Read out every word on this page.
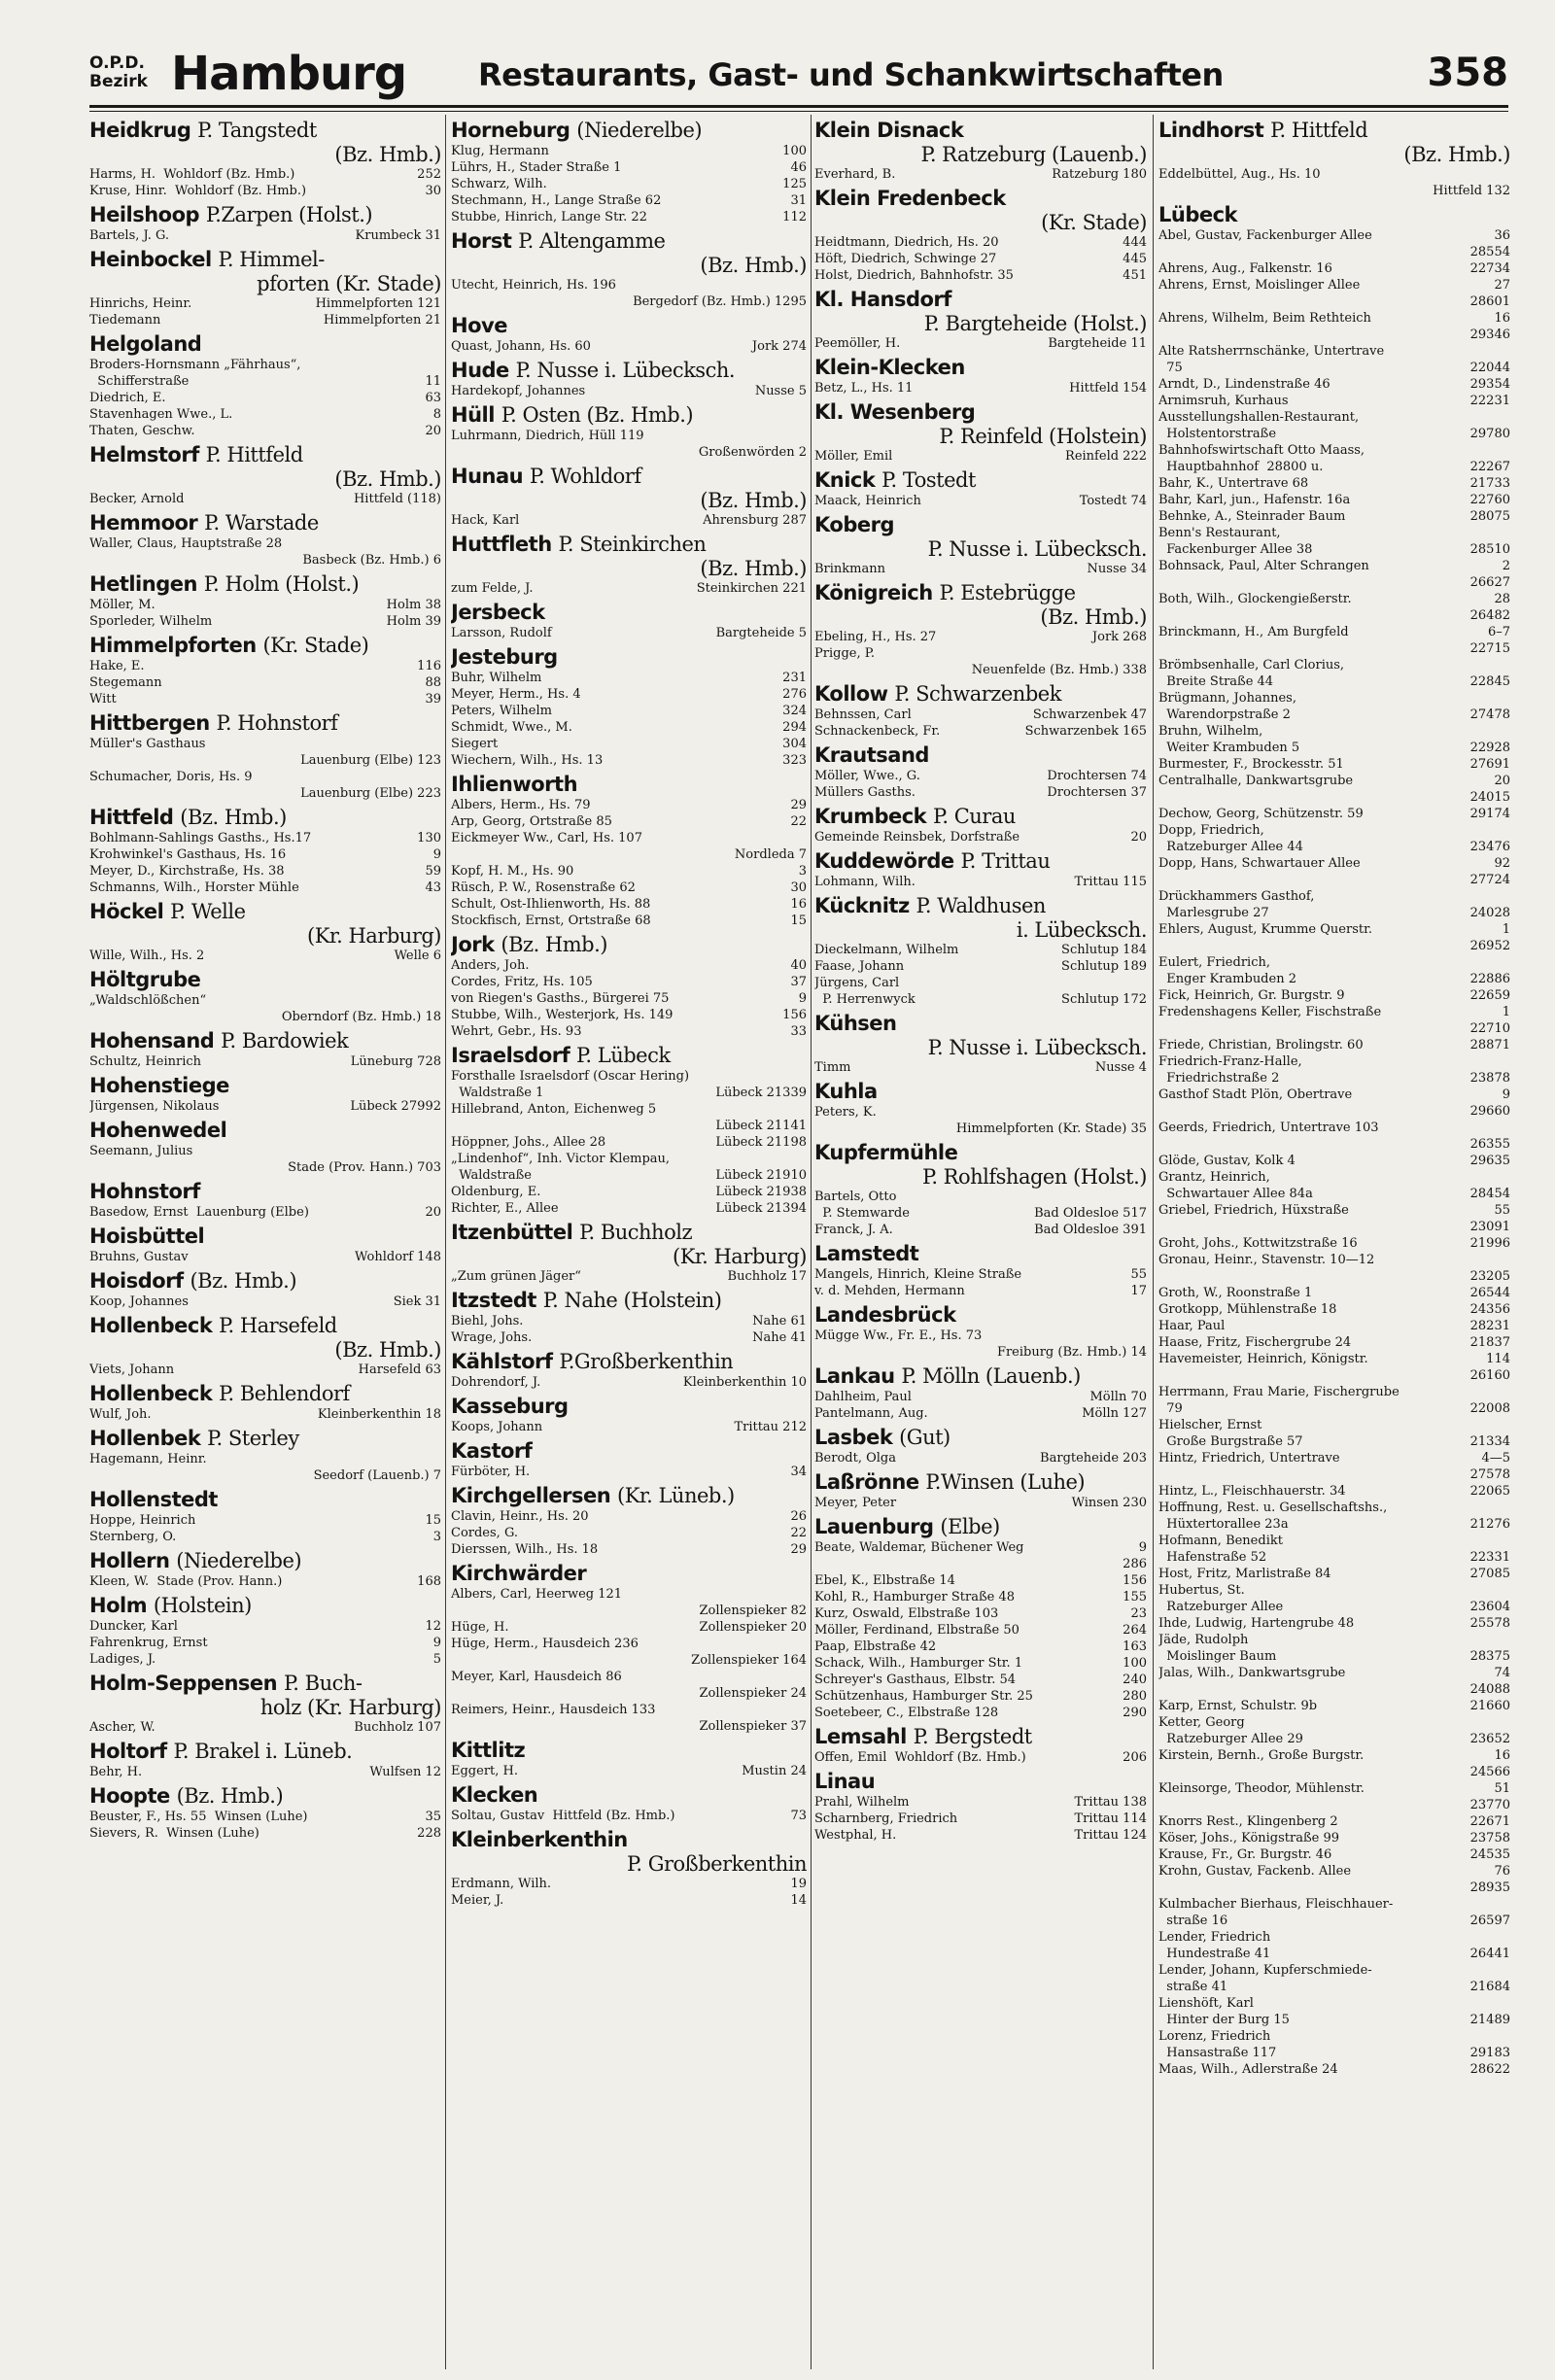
O.P.D.
Bezirk Hamburg Restaurants, Gast- und Schankwirtschaften	358
Heidkrug P. Tangstedt
(Bz. Hmb.)
Harms, H.  Wohldorf (Bz. Hmb.)	252
Kruse, Hinr.  Wohldorf (Bz. Hmb.)	30
Heilshoop P.Zarpen (Holst.)
Bartels, J. G.	Krumbeck 31
Heinbockel P. Himmel-
pforten (Kr. Stade)
Hinrichs, Heinr.	Himmelpforten 121
Tiedemann	Himmelpforten 21
Helgoland
Broders-Hornsmann „Fährhaus“,
Schifferstraße	11
Diedrich, E.	63
Stavenhagen Wwe., L.	8
Thaten, Geschw.	20
Helmstorf P. Hittfeld
(Bz. Hmb.)
Becker, Arnold	Hittfeld (118)
Hemmoor P. Warstade
Waller, Claus, Hauptstraße 28
Basbeck (Bz. Hmb.) 6
Hetlingen P. Holm (Holst.)
Möller, M.	Holm 38
Sporleder, Wilhelm	Holm 39
Himmelpforten (Kr. Stade)
Hake, E.	116
Stegemann	88
Witt	39
Hittbergen P. Hohnstorf
Müller's Gasthaus
Lauenburg (Elbe) 123
Schumacher, Doris, Hs. 9
Lauenburg (Elbe) 223
Hittfeld (Bz. Hmb.)
Bohlmann-Sahlings Gasths., Hs.17	130
Krohwinkel's Gasthaus, Hs. 16	9
Meyer, D., Kirchstraße, Hs. 38	59
Schmanns, Wilh., Horster Mühle	43
Höckel P. Welle
(Kr. Harburg)
Wille, Wilh., Hs. 2	Welle 6
Höltgrube
„Waldschlößchen“
Oberndorf (Bz. Hmb.) 18
Hohensand P. Bardowiek
Schultz, Heinrich	Lüneburg 728
Hohenstiege
Jürgensen, Nikolaus	Lübeck 27992
Hohenwedel
Seemann, Julius
Stade (Prov. Hann.) 703
Hohnstorf
Basedow, Ernst  Lauenburg (Elbe)	20
Hoisbüttel
Bruhns, Gustav	Wohldorf 148
Hoisdorf (Bz. Hmb.)
Koop, Johannes	Siek 31
Hollenbeck P. Harsefeld
(Bz. Hmb.)
Viets, Johann	Harsefeld 63
Hollenbeck P. Behlendorf
Wulf, Joh.	Kleinberkenthin 18
Hollenbek P. Sterley
Hagemann, Heinr.
Seedorf (Lauenb.) 7
Hollenstedt
Hoppe, Heinrich	15
Sternberg, O.	3
Hollern (Niederelbe)
Kleen, W.  Stade (Prov. Hann.)	168
Holm (Holstein)
Duncker, Karl	12
Fahrenkrug, Ernst	9
Ladiges, J.	5
Holm-Seppensen P. Buch-
holz (Kr. Harburg)
Ascher, W.	Buchholz 107
Holtorf P. Brakel i. Lüneb.
Behr, H.	Wulfsen 12
Hoopte (Bz. Hmb.)
Beuster, F., Hs. 55  Winsen (Luhe)	35
Sievers, R.  Winsen (Luhe)	228
Horneburg (Niederelbe)
Klug, Hermann	100
Lührs, H., Stader Straße 1	46
Schwarz, Wilh.	125
Stechmann, H., Lange Straße 62	31
Stubbe, Hinrich, Lange Str. 22	112
Horst P. Altengamme
(Bz. Hmb.)
Utecht, Heinrich, Hs. 196
Bergedorf (Bz. Hmb.) 1295
Hove
Quast, Johann, Hs. 60	Jork 274
Hude P. Nusse i. Lübecksch.
Hardekopf, Johannes	Nusse 5
Hüll P. Osten (Bz. Hmb.)
Luhrmann, Diedrich, Hüll 119
Großenwörden 2
Hunau P. Wohldorf
(Bz. Hmb.)
Hack, Karl	Ahrensburg 287
Huttfleth P. Steinkirchen
(Bz. Hmb.)
zum Felde, J.	Steinkirchen 221
Jersbeck
Larsson, Rudolf	Bargteheide 5
Jesteburg
Buhr, Wilhelm	231
Meyer, Herm., Hs. 4	276
Peters, Wilhelm	324
Schmidt, Wwe., M.	294
Siegert	304
Wiechern, Wilh., Hs. 13	323
Ihlienworth
Albers, Herm., Hs. 79	29
Arp, Georg, Ortstraße 85	22
Eickmeyer Ww., Carl, Hs. 107
Nordleda 7
Kopf, H. M., Hs. 90	3
Rüsch, P. W., Rosenstraße 62	30
Schult, Ost-Ihlienworth, Hs. 88	16
Stockfisch, Ernst, Ortstraße 68	15
Jork (Bz. Hmb.)
Anders, Joh.	40
Cordes, Fritz, Hs. 105	37
von Riegen's Gasths., Bürgerei 75	9
Stubbe, Wilh., Westerjork, Hs. 149	156
Wehrt, Gebr., Hs. 93	33
Israelsdorf P. Lübeck
Forsthalle Israelsdorf (Oscar Hering)
Waldstraße 1	Lübeck 21339
Hillebrand, Anton, Eichenweg 5
Lübeck 21141
Höppner, Johs., Allee 28	Lübeck 21198
„Lindenhof“, Inh. Victor Klempau,
Waldstraße	Lübeck 21910
Oldenburg, E.	Lübeck 21938
Richter, E., Allee	Lübeck 21394
Itzenbüttel P. Buchholz
(Kr. Harburg)
„Zum grünen Jäger“	Buchholz 17
Itzstedt P. Nahe (Holstein)
Biehl, Johs.	Nahe 61
Wrage, Johs.	Nahe 41
Kählstorf P.Großberkenthin
Dohrendorf, J.	Kleinberkenthin 10
Kasseburg
Koops, Johann	Trittau 212
Kastorf
Fürböter, H.	34
Kirchgellersen (Kr. Lüneb.)
Clavin, Heinr., Hs. 20	26
Cordes, G.	22
Dierssen, Wilh., Hs. 18	29
Kirchwärder
Albers, Carl, Heerweg 121
Zollenspieker 82
Hüge, H.	Zollenspieker 20
Hüge, Herm., Hausdeich 236
Zollenspieker 164
Meyer, Karl, Hausdeich 86
Zollenspieker 24
Reimers, Heinr., Hausdeich 133
Zollenspieker 37
Kittlitz
Eggert, H.	Mustin 24
Klecken
Soltau, Gustav  Hittfeld (Bz. Hmb.)	73
Kleinberkenthin
P. Großberkenthin
Erdmann, Wilh.	19
Meier, J.	14
Klein Disnack
P. Ratzeburg (Lauenb.)
Everhard, B.	Ratzeburg 180
Klein Fredenbeck
(Kr. Stade)
Heidtmann, Diedrich, Hs. 20	444
Höft, Diedrich, Schwinge 27	445
Holst, Diedrich, Bahnhofstr. 35	451
Kl. Hansdorf
P. Bargteheide (Holst.)
Peemöller, H.	Bargteheide 11
Klein-Klecken
Betz, L., Hs. 11	Hittfeld 154
Kl. Wesenberg
P. Reinfeld (Holstein)
Möller, Emil	Reinfeld 222
Knick P. Tostedt
Maack, Heinrich	Tostedt 74
Koberg
P. Nusse i. Lübecksch.
Brinkmann	Nusse 34
Königreich P. Estebrügge
(Bz. Hmb.)
Ebeling, H., Hs. 27	Jork 268
Prigge, P.
Neuenfelde (Bz. Hmb.) 338
Kollow P. Schwarzenbek
Behnssen, Carl	Schwarzenbek 47
Schnackenbeck, Fr.	Schwarzenbek 165
Krautsand
Möller, Wwe., G.	Drochtersen 74
Müllers Gasths.	Drochtersen 37
Krumbeck P. Curau
Gemeinde Reinsbek, Dorfstraße	20
Kuddewörde P. Trittau
Lohmann, Wilh.	Trittau 115
Kücknitz P. Waldhusen
i. Lübecksch.
Dieckelmann, Wilhelm	Schlutup 184
Faase, Johann	Schlutup 189
Jürgens, Carl
P. Herrenwyck	Schlutup 172
Kühsen
P. Nusse i. Lübecksch.
Timm	Nusse 4
Kuhla
Peters, K.
Himmelpforten (Kr. Stade) 35
Kupfermühle
P. Rohlfshagen (Holst.)
Bartels, Otto
P. Stemwarde	Bad Oldesloe 517
Franck, J. A.	Bad Oldesloe 391
Lamstedt
Mangels, Hinrich, Kleine Straße	55
v. d. Mehden, Hermann	17
Landesbrück
Mügge Ww., Fr. E., Hs. 73
Freiburg (Bz. Hmb.) 14
Lankau P. Mölln (Lauenb.)
Dahlheim, Paul	Mölln 70
Pantelmann, Aug.	Mölln 127
Lasbek (Gut)
Berodt, Olga	Bargteheide 203
Laßrönne P.Winsen (Luhe)
Meyer, Peter	Winsen 230
Lauenburg (Elbe)
Beate, Waldemar, Büchener Weg	9
286
Ebel, K., Elbstraße 14	156
Kohl, R., Hamburger Straße 48	155
Kurz, Oswald, Elbstraße 103	23
Möller, Ferdinand, Elbstraße 50	264
Paap, Elbstraße 42	163
Schack, Wilh., Hamburger Str. 1	100
Schreyer's Gasthaus, Elbstr. 54	240
Schützenhaus, Hamburger Str. 25	280
Soetebeer, C., Elbstraße 128	290
Lemsahl P. Bergstedt
Offen, Emil  Wohldorf (Bz. Hmb.)	206
Linau
Prahl, Wilhelm	Trittau 138
Scharnberg, Friedrich	Trittau 114
Westphal, H.	Trittau 124
Lindhorst P. Hittfeld
(Bz. Hmb.)
Eddelbüttel, Aug., Hs. 10
Hittfeld 132
Lübeck
Abel, Gustav, Fackenburger Allee	36
28554
Ahrens, Aug., Falkenstr. 16	22734
Ahrens, Ernst, Moislinger Allee	27
28601
Ahrens, Wilhelm, Beim Rethteich	16
29346
Alte Ratsherrnschänke, Untertrave
75	22044
Arndt, D., Lindenstraße 46	29354
Arnimsruh, Kurhaus	22231
Ausstellungshallen-Restaurant,
Holstentorstraße	29780
Bahnhofswirtschaft Otto Maass,
Hauptbahnhof  28800 u.	22267
Bahr, K., Untertrave 68	21733
Bahr, Karl, jun., Hafenstr. 16a	22760
Behnke, A., Steinrader Baum	28075
Benn's Restaurant,
Fackenburger Allee 38	28510
Bohnsack, Paul, Alter Schrangen	2
26627
Both, Wilh., Glockengießerstr.	28
26482
Brinckmann, H., Am Burgfeld	6–7
22715
Brömbsenhalle, Carl Clorius,
Breite Straße 44	22845
Brügmann, Johannes,
Warendorpstraße 2	27478
Bruhn, Wilhelm,
Weiter Krambuden 5	22928
Burmester, F., Brockesstr. 51	27691
Centralhalle, Dankwartsgrube	20
24015
Dechow, Georg, Schützenstr. 59	29174
Dopp, Friedrich,
Ratzeburger Allee 44	23476
Dopp, Hans, Schwartauer Allee	92
27724
Drückhammers Gasthof,
Marlesgrube 27	24028
Ehlers, August, Krumme Querstr.	1
26952
Eulert, Friedrich,
Enger Krambuden 2	22886
Fick, Heinrich, Gr. Burgstr. 9	22659
Fredenshagens Keller, Fischstraße	1
22710
Friede, Christian, Brolingstr. 60	28871
Friedrich-Franz-Halle,
Friedrichstraße 2	23878
Gasthof Stadt Plön, Obertrave	9
29660
Geerds, Friedrich, Untertrave 103
26355
Glöde, Gustav, Kolk 4	29635
Grantz, Heinrich,
Schwartauer Allee 84a	28454
Griebel, Friedrich, Hüxstraße	55
23091
Groht, Johs., Kottwitzstraße 16	21996
Gronau, Heinr., Stavenstr. 10—12
23205
Groth, W., Roonstraße 1	26544
Grotkopp, Mühlenstraße 18	24356
Haar, Paul	28231
Haase, Fritz, Fischergrube 24	21837
Havemeister, Heinrich, Königstr.	114
26160
Herrmann, Frau Marie, Fischergrube
79	22008
Hielscher, Ernst
Große Burgstraße 57	21334
Hintz, Friedrich, Untertrave	4—5
27578
Hintz, L., Fleischhauerstr. 34	22065
Hoffnung, Rest. u. Gesellschaftshs.,
Hüxtertorallee 23a	21276
Hofmann, Benedikt
Hafenstraße 52	22331
Host, Fritz, Marlistraße 84	27085
Hubertus, St.
Ratzeburger Allee	23604
Ihde, Ludwig, Hartengrube 48	25578
Jäde, Rudolph
Moislinger Baum	28375
Jalas, Wilh., Dankwartsgrube	74
24088
Karp, Ernst, Schulstr. 9b	21660
Ketter, Georg
Ratzeburger Allee 29	23652
Kirstein, Bernh., Große Burgstr.	16
24566
Kleinsorge, Theodor, Mühlenstr.	51
23770
Knorrs Rest., Klingenberg 2	22671
Köser, Johs., Königstraße 99	23758
Krause, Fr., Gr. Burgstr. 46	24535
Krohn, Gustav, Fackenb. Allee	76
28935
Kulmbacher Bierhaus, Fleischhauer-
straße 16	26597
Lender, Friedrich
Hundestraße 41	26441
Lender, Johann, Kupferschmiede-
straße 41	21684
Lienshöft, Karl
Hinter der Burg 15	21489
Lorenz, Friedrich
Hansastraße 117	29183
Maas, Wilh., Adlerstraße 24	28622
